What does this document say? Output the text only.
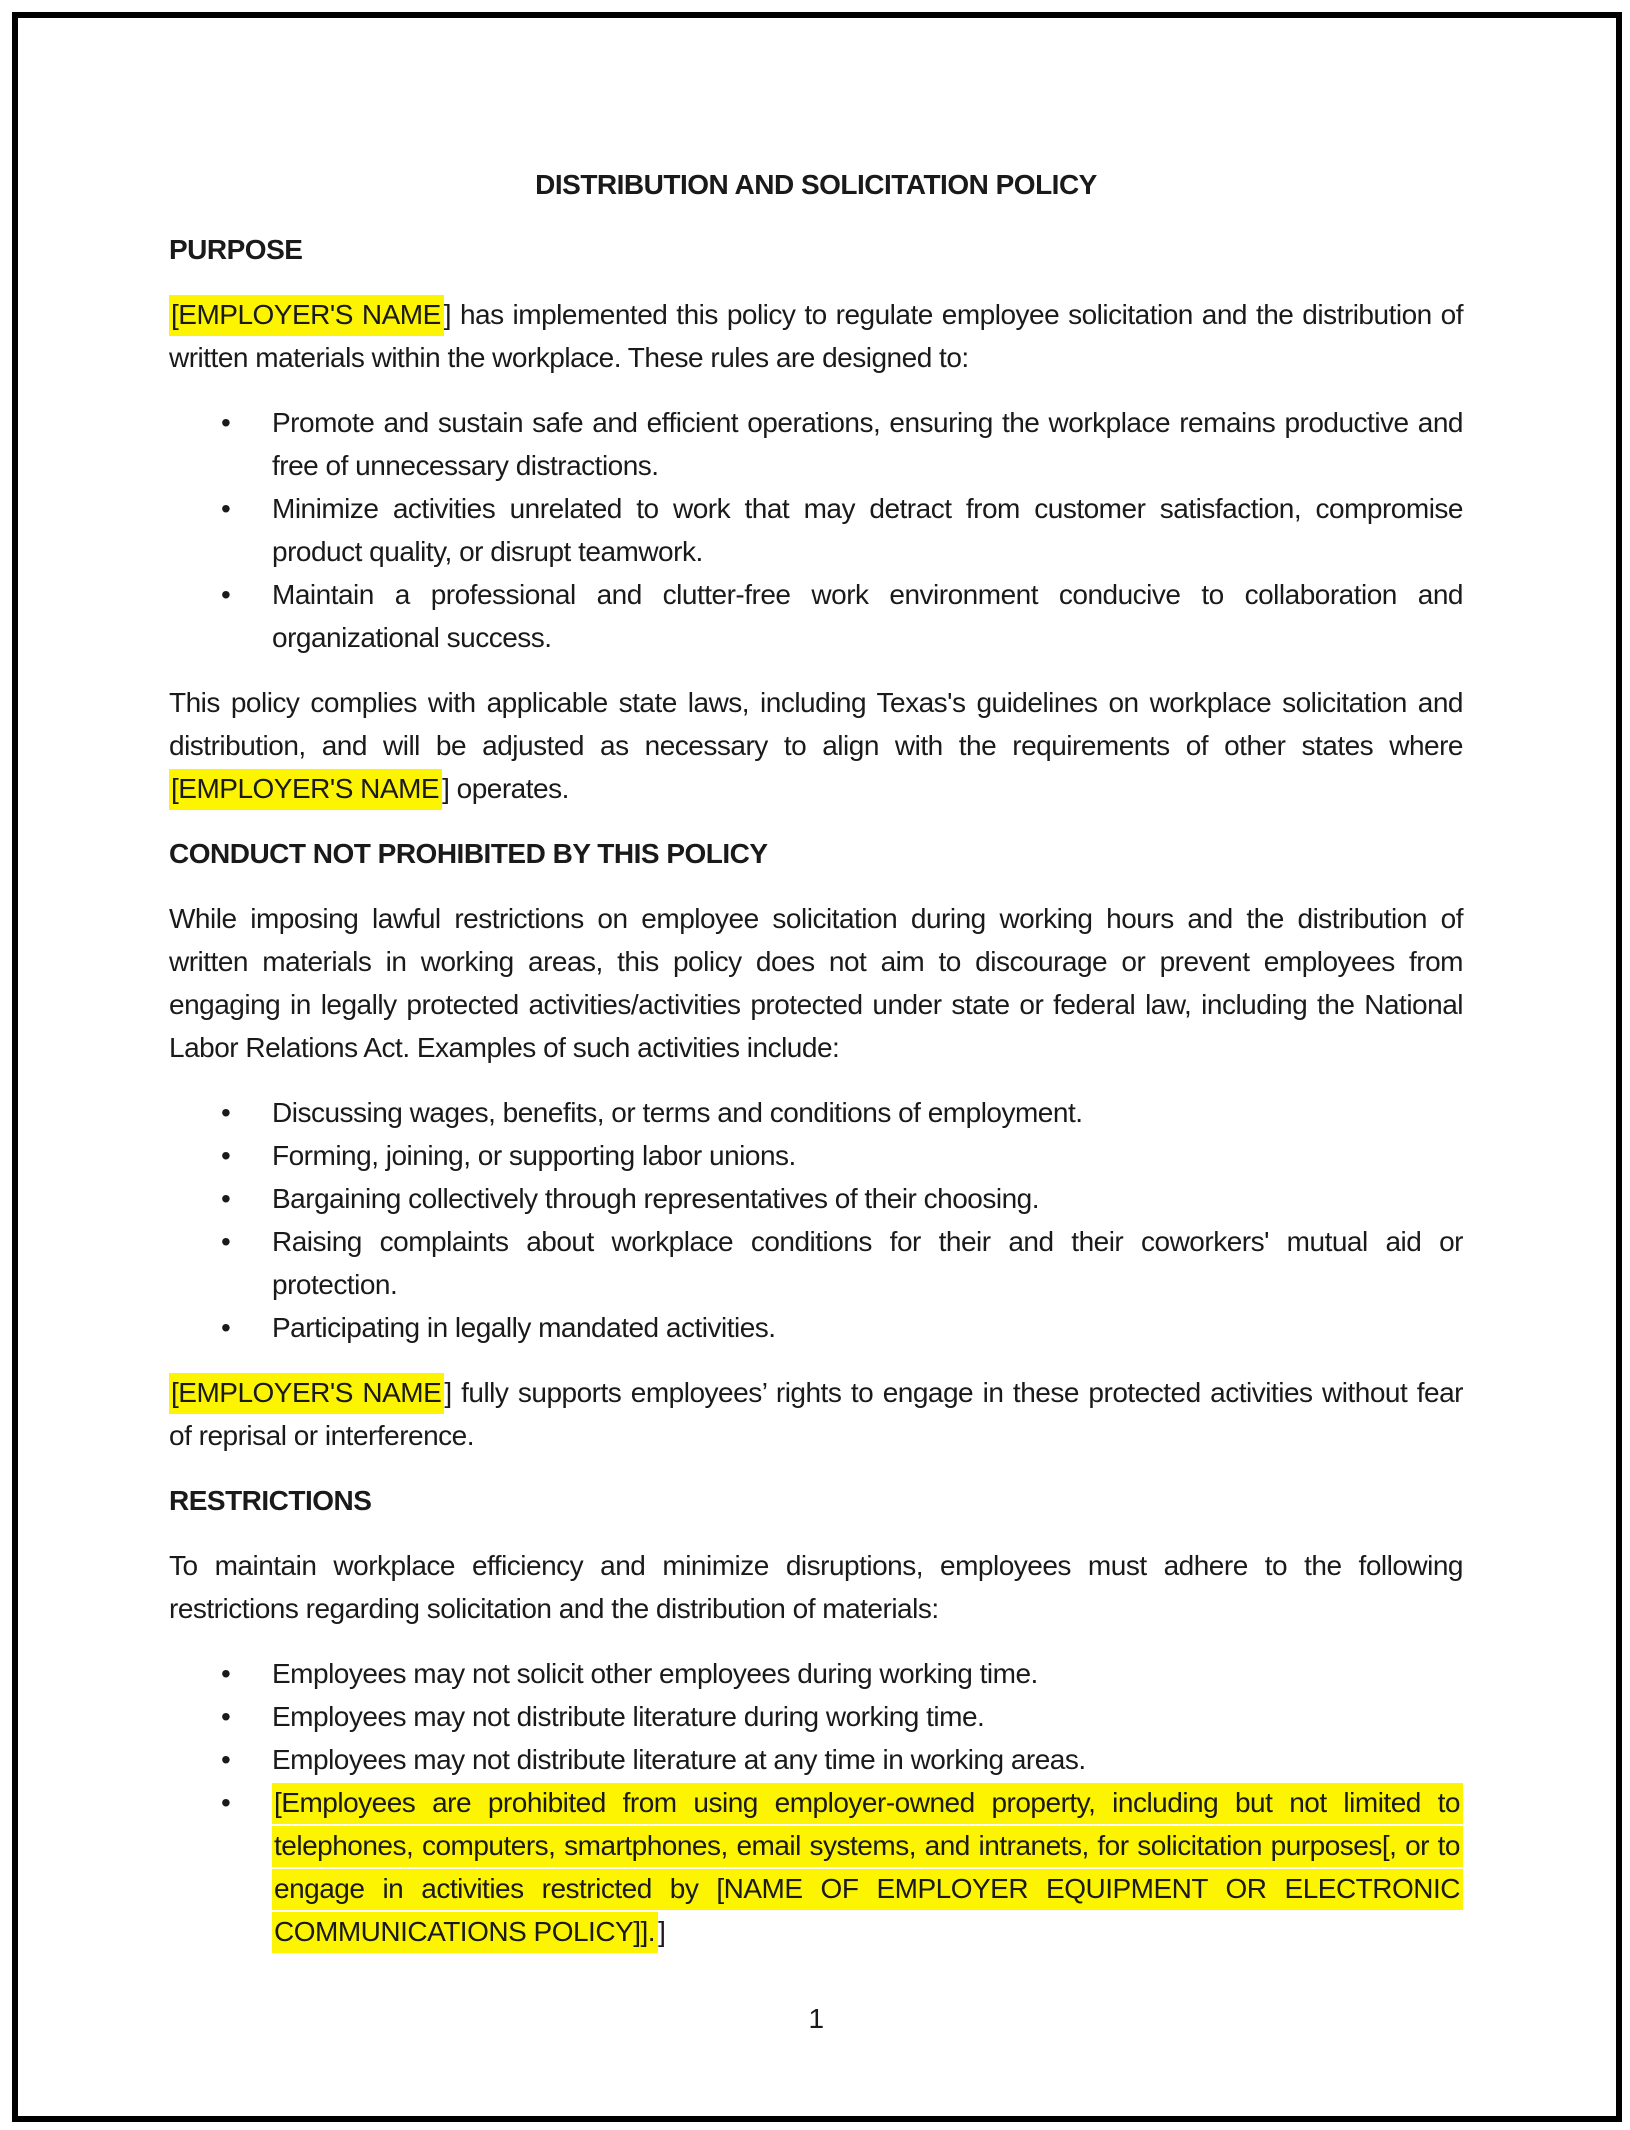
DISTRIBUTION AND SOLICITATION POLICY
PURPOSE

[EMPLOYER'S NAME ] has implemented this policy to regulate employee solicitation and the distribution of written materials within the workplace. These rules are designed to:

• Promote and sustain safe and efficient operations, ensuring the workplace remains productive and free of unnecessary distractions.
• Minimize activities unrelated to work that may detract from customer satisfaction, compromise product quality, or disrupt teamwork.
• Maintain a professional and clutter-free work environment conducive to collaboration and organizational success.

This policy complies with applicable state laws, including Texas's guidelines on workplace solicitation and distribution, and will be adjusted as necessary to align with the requirements of other states where [EMPLOYER'S NAME ] operates.

CONDUCT NOT PROHIBITED BY THIS POLICY

While imposing lawful restrictions on employee solicitation during working hours and the distribution of written materials in working areas, this policy does not aim to discourage or prevent employees from engaging in legally protected activities/activities protected under state or federal law, including the National Labor Relations Act. Examples of such activities include:

• Discussing wages, benefits, or terms and conditions of employment.
• Forming, joining, or supporting labor unions.
• Bargaining collectively through representatives of their choosing.
• Raising complaints about workplace conditions for their and their coworkers' mutual aid or protection.
• Participating in legally mandated activities.

[EMPLOYER'S NAME ] fully supports employees’ rights to engage in these protected activities without fear of reprisal or interference.

RESTRICTIONS

To maintain workplace efficiency and minimize disruptions, employees must adhere to the following restrictions regarding solicitation and the distribution of materials:

• Employees may not solicit other employees during working time.
• Employees may not distribute literature during working time.
• Employees may not distribute literature at any time in working areas.
• [Employees are prohibited from using employer-owned property, including but not limited to telephones, computers, smartphones, email systems, and intranets, for solicitation purposes[, or to engage in activities restricted by [NAME OF EMPLOYER EQUIPMENT OR ELECTRONIC COMMUNICATIONS POLICY]]. ]
1
